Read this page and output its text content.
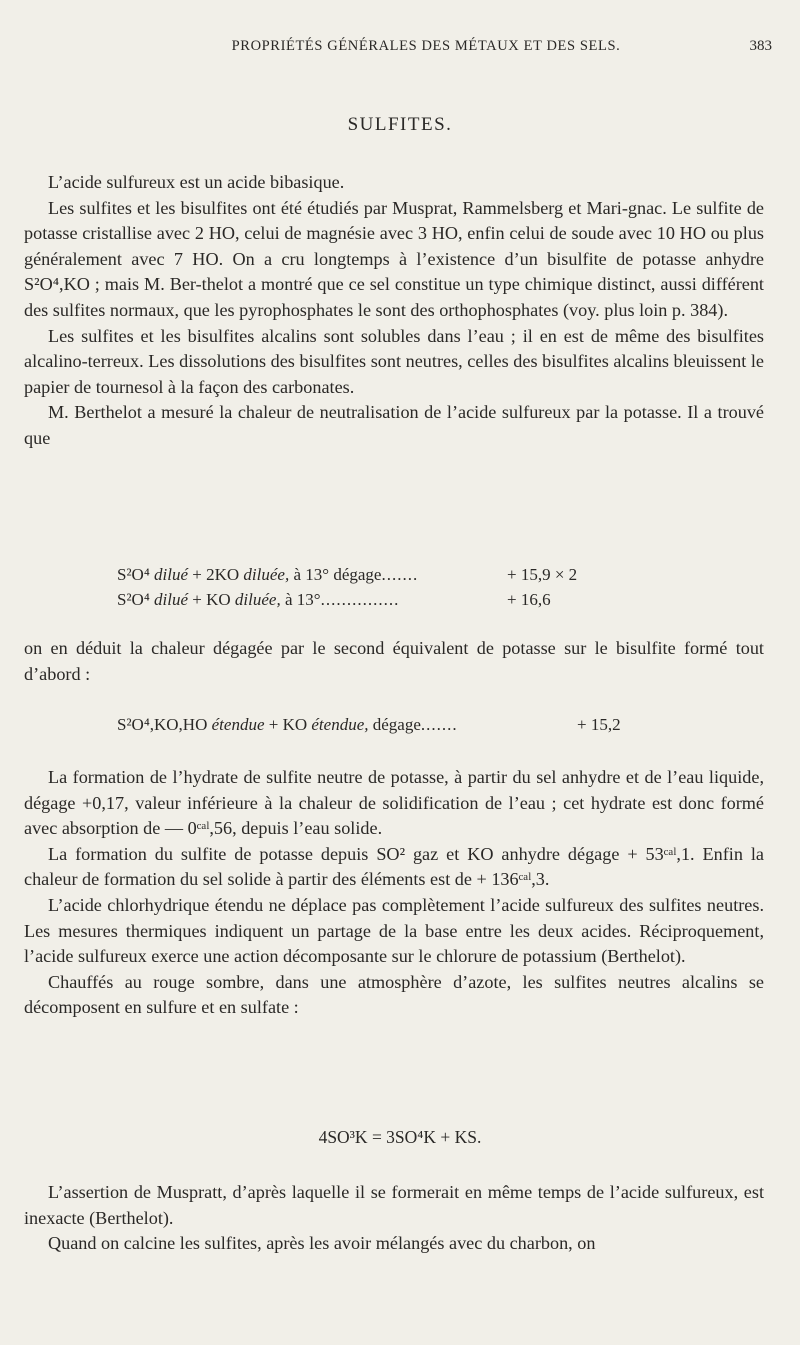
PROPRIÉTÉS GÉNÉRALES DES MÉTAUX ET DES SELS.	383
SULFITES.

L’acide sulfureux est un acide bibasique.

Les sulfites et les bisulfites ont été étudiés par Musprat, Rammelsberg et Mari-gnac. Le sulfite de potasse cristallise avec 2 HO, celui de magnésie avec 3 HO, enfin celui de soude avec 10 HO ou plus généralement avec 7 HO. On a cru longtemps à l’existence d’un bisulfite de potasse anhydre S²O⁴,KO ; mais M. Ber-thelot a montré que ce sel constitue un type chimique distinct, aussi différent des sulfites normaux, que les pyrophosphates le sont des orthophosphates (voy. plus loin p. 384).

Les sulfites et les bisulfites alcalins sont solubles dans l’eau ; il en est de même des bisulfites alcalino-terreux. Les dissolutions des bisulfites sont neutres, celles des bisulfites alcalins bleuissent le papier de tournesol à la façon des carbonates.

M. Berthelot a mesuré la chaleur de neutralisation de l’acide sulfureux par la potasse. Il a trouvé que

S²O⁴ dilué + 2KO diluée, à 13° dégage.......	+ 15,9 × 2
S²O⁴ dilué + KO diluée, à 13°...............	+ 16,6

on en déduit la chaleur dégagée par le second équivalent de potasse sur le bisulfite formé tout d’abord :

S²O⁴,KO,HO étendue + KO étendue, dégage.......	+ 15,2

La formation de l’hydrate de sulfite neutre de potasse, à partir du sel anhydre et de l’eau liquide, dégage +0,17, valeur inférieure à la chaleur de solidification de l’eau ; cet hydrate est donc formé avec absorption de — 0ᶜᵃˡ,56, depuis l’eau solide.

La formation du sulfite de potasse depuis SO² gaz et KO anhydre dégage + 53ᶜᵃˡ,1. Enfin la chaleur de formation du sel solide à partir des éléments est de + 136ᶜᵃˡ,3.

L’acide chlorhydrique étendu ne déplace pas complètement l’acide sulfureux des sulfites neutres. Les mesures thermiques indiquent un partage de la base entre les deux acides. Réciproquement, l’acide sulfureux exerce une action décomposante sur le chlorure de potassium (Berthelot).

Chauffés au rouge sombre, dans une atmosphère d’azote, les sulfites neutres alcalins se décomposent en sulfure et en sulfate :

4SO³K = 3SO⁴K + KS.

L’assertion de Muspratt, d’après laquelle il se formerait en même temps de l’acide sulfureux, est inexacte (Berthelot).

Quand on calcine les sulfites, après les avoir mélangés avec du charbon, on
